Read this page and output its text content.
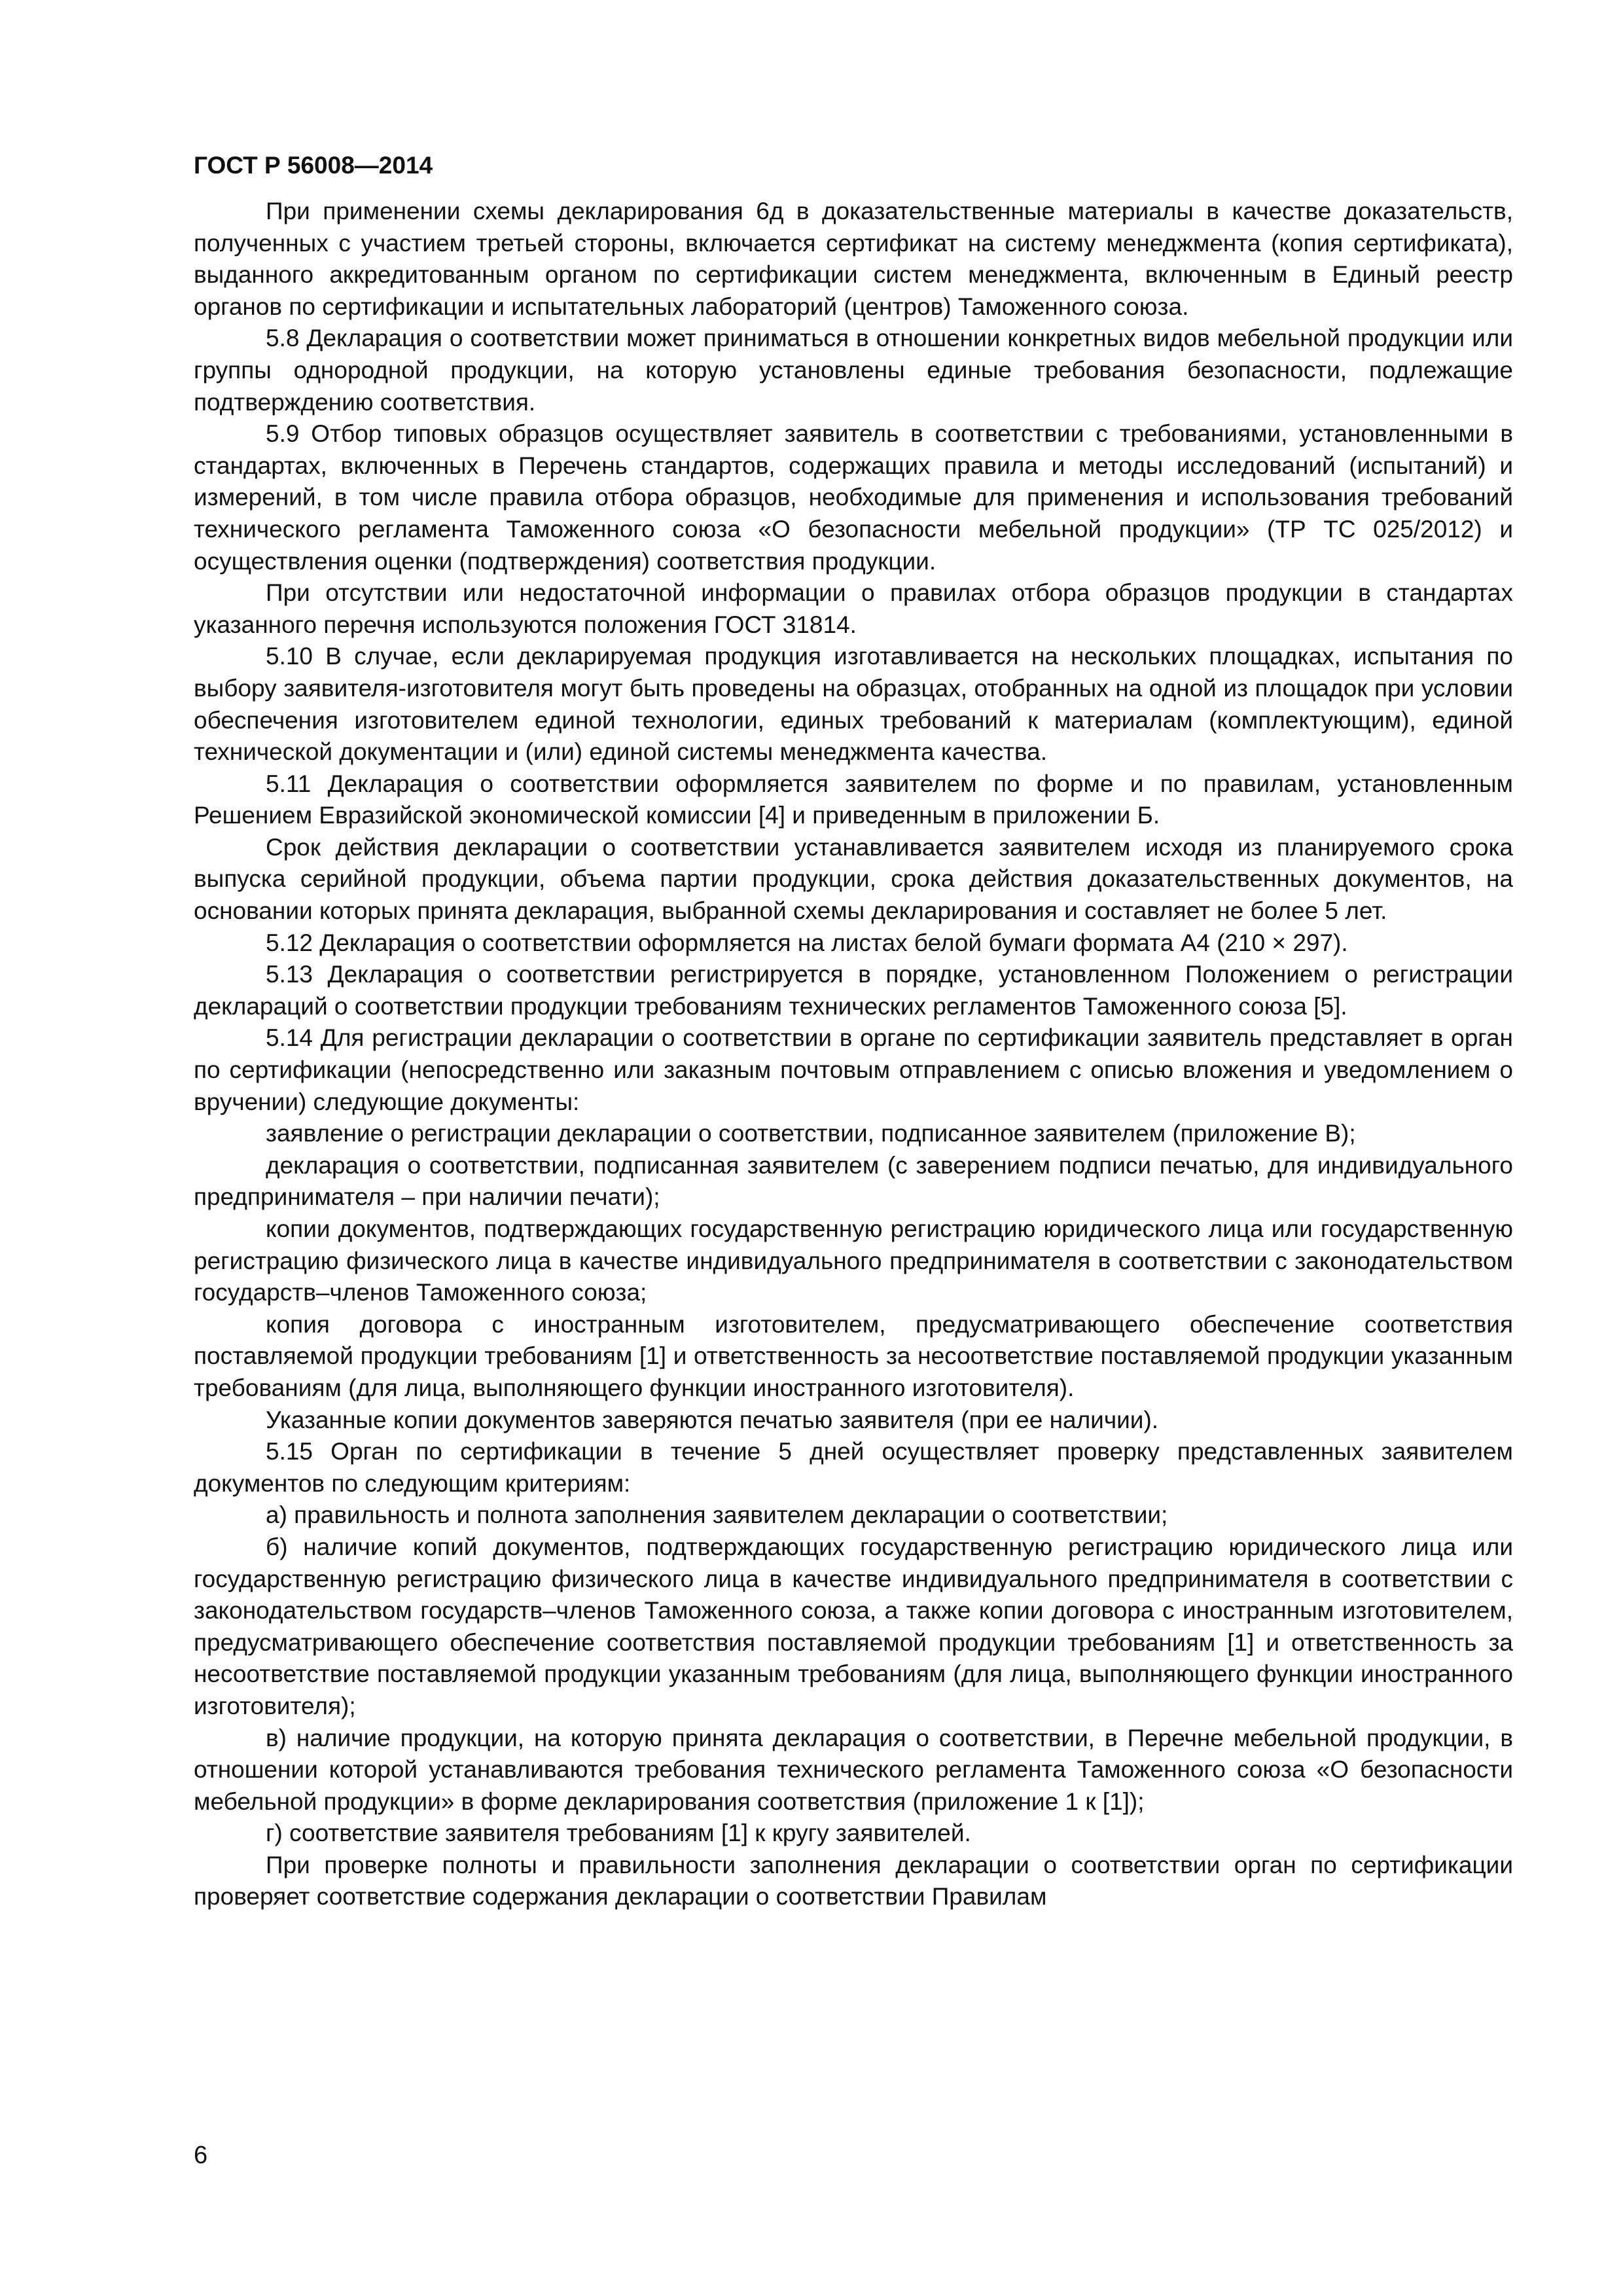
ГОСТ Р 56008—2014

При применении схемы декларирования 6д в доказательственные материалы в качестве доказательств, полученных с участием третьей стороны, включается сертификат на систему менеджмента (копия сертификата), выданного аккредитованным органом по сертификации систем менеджмента, включенным в Единый реестр органов по сертификации и испытательных лабораторий (центров) Таможенного союза.

5.8 Декларация о соответствии может приниматься в отношении конкретных видов мебельной продукции или группы однородной продукции, на которую установлены единые требования безопасности, подлежащие подтверждению соответствия.

5.9 Отбор типовых образцов осуществляет заявитель в соответствии с требованиями, установленными в стандартах, включенных в Перечень стандартов, содержащих правила и методы исследований (испытаний) и измерений, в том числе правила отбора образцов, необходимые для применения и использования требований технического регламента Таможенного союза «О безопасности мебельной продукции» (ТР ТС 025/2012) и осуществления оценки (подтверждения) соответствия продукции.

При отсутствии или недостаточной информации о правилах отбора образцов продукции в стандартах указанного перечня используются положения ГОСТ 31814.

5.10 В случае, если декларируемая продукция изготавливается на нескольких площадках, испытания по выбору заявителя-изготовителя могут быть проведены на образцах, отобранных на одной из площадок при условии обеспечения изготовителем единой технологии, единых требований к материалам (комплектующим), единой технической документации и (или) единой системы менеджмента качества.

5.11 Декларация о соответствии оформляется заявителем по форме и по правилам, установленным Решением Евразийской экономической комиссии [4] и приведенным в приложении Б.

Срок действия декларации о соответствии устанавливается заявителем исходя из планируемого срока выпуска серийной продукции, объема партии продукции, срока действия доказательственных документов, на основании которых принята декларация, выбранной схемы декларирования и составляет не более 5 лет.

5.12 Декларация о соответствии оформляется на листах белой бумаги формата А4 (210 × 297).

5.13 Декларация о соответствии регистрируется в порядке, установленном Положением о регистрации деклараций о соответствии продукции требованиям технических регламентов Таможенного союза [5].

5.14 Для регистрации декларации о соответствии в органе по сертификации заявитель представляет в орган по сертификации (непосредственно или заказным почтовым отправлением с описью вложения и уведомлением о вручении) следующие документы:

заявление о регистрации декларации о соответствии, подписанное заявителем (приложение В);

декларация о соответствии, подписанная заявителем (с заверением подписи печатью, для индивидуального предпринимателя – при наличии печати);

копии документов, подтверждающих государственную регистрацию юридического лица или государственную регистрацию физического лица в качестве индивидуального предпринимателя в соответствии с законодательством государств–членов Таможенного союза;

копия договора с иностранным изготовителем, предусматривающего обеспечение соответствия поставляемой продукции требованиям [1] и ответственность за несоответствие поставляемой продукции указанным требованиям (для лица, выполняющего функции иностранного изготовителя).

Указанные копии документов заверяются печатью заявителя (при ее наличии).

5.15 Орган по сертификации в течение 5 дней осуществляет проверку представленных заявителем документов по следующим критериям:

а) правильность и полнота заполнения заявителем декларации о соответствии;

б) наличие копий документов, подтверждающих государственную регистрацию юридического лица или государственную регистрацию физического лица в качестве индивидуального предпринимателя в соответствии с законодательством государств–членов Таможенного союза, а также копии договора с иностранным изготовителем, предусматривающего обеспечение соответствия поставляемой продукции требованиям [1] и ответственность за несоответствие поставляемой продукции указанным требованиям (для лица, выполняющего функции иностранного изготовителя);

в) наличие продукции, на которую принята декларация о соответствии, в Перечне мебельной продукции, в отношении которой устанавливаются требования технического регламента Таможенного союза «О безопасности мебельной продукции» в форме декларирования соответствия (приложение 1 к [1]);

г) соответствие заявителя требованиям [1] к кругу заявителей.

При проверке полноты и правильности заполнения декларации о соответствии орган по сертификации проверяет соответствие содержания декларации о соответствии Правилам

6
